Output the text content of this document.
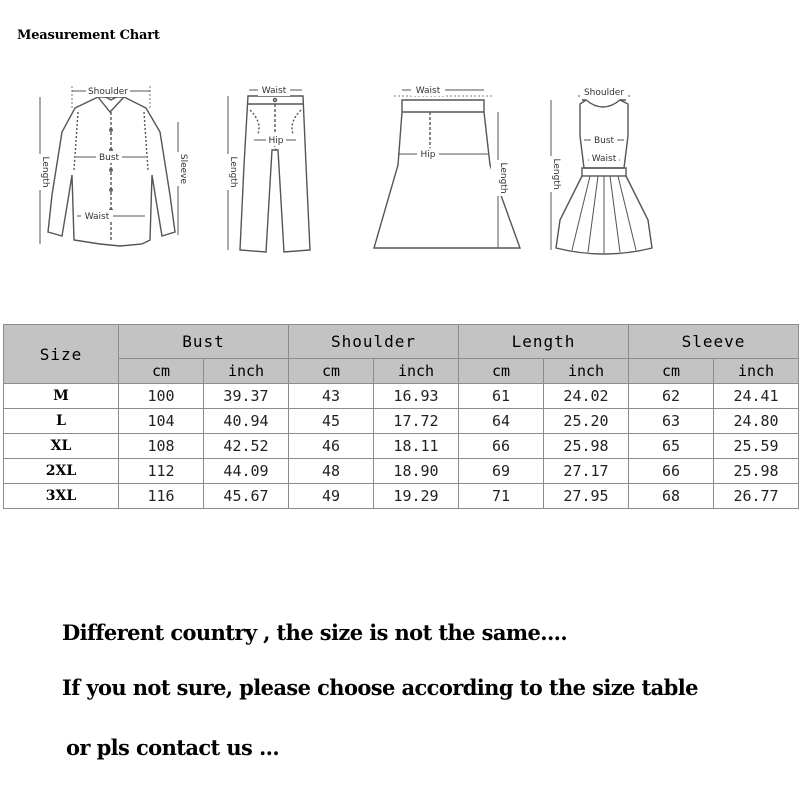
Measurement Chart
Shoulder
Bust
Waist
Length	Sleeve
Waist
Hip
Length
Waist
Hip
Length
Shoulder
Bust
Waist
Length
Size	Bust		Shoulder		Length		Sleeve	
	cm	inch	cm	inch	cm	inch	cm	inch
M	100	39.37	43	16.93	61	24.02	62	24.41
L	104	40.94	45	17.72	64	25.20	63	24.80
XL	108	42.52	46	18.11	66	25.98	65	25.59
2XL	112	44.09	48	18.90	69	27.17	66	25.98
3XL	116	45.67	49	19.29	71	27.95	68	26.77
Different country , the size is not the same....
If you not sure, please choose according to the size table
or pls contact us ...
